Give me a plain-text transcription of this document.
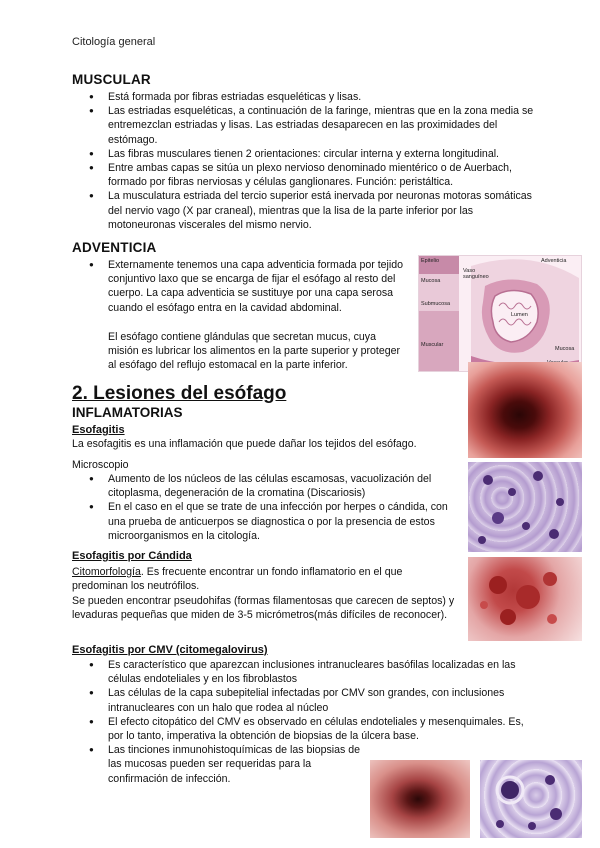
Citología general
MUSCULAR
● Está formada por fibras estriadas esqueléticas y lisas.
● Las estriadas esqueléticas, a continuación de la faringe, mientras que en la zona media se entremezclan estriadas y lisas. Las estriadas desaparecen en las proximidades del estómago.
● Las fibras musculares tienen 2 orientaciones: circular interna y externa longitudinal.
● Entre ambas capas se sitúa un plexo nervioso denominado mientérico o de Auerbach, formado por fibras nerviosas y células ganglionares. Función: peristáltica.
● La musculatura estriada del tercio superior está inervada por neuronas motoras somáticas del nervio vago (X par craneal), mientras que la lisa de la parte inferior por las motoneuronas viscerales del mismo nervio.
ADVENTICIA
● Externamente tenemos una capa adventicia formada por tejido conjuntivo laxo que se encarga de fijar el esófago al resto del cuerpo. La capa adventicia se sustituye por una capa serosa cuando el esófago entra en la cavidad abdominal.
El esófago contiene glándulas que secretan mucus, cuya misión es lubricar los alimentos en la parte superior y proteger al esófago del reflujo estomacal en la parte inferior.
Epitelio
Mucosa
Submucosa
Muscular
Vaso sanguíneo
Adventicia
Lumen
Mucosa
2. Lesiones del esófago
INFLAMATORIAS
Esofagitis
La esofagitis es una inflamación que puede dañar los tejidos del esófago.
Microscopio
● Aumento de los núcleos de las células escamosas, vacuolización del citoplasma, degeneración de la cromatina (Discariosis)
● En el caso en el que se trate de una infección por herpes o cándida, con una prueba de anticuerpos se diagnostica o por la presencia de estos microorganismos en la citología.
Esofagitis por Cándida
Citomorfología. Es frecuente encontrar un fondo inflamatorio en el que predominan los neutrófilos.
Se pueden encontrar pseudohifas (formas filamentosas que carecen de septos) y levaduras pequeñas que miden de 3-5 micrómetros(más difíciles de reconocer).
Esofagitis por CMV (citomegalovirus)
● Es característico que aparezcan inclusiones intranucleares basófilas localizadas en las células endoteliales y en los fibroblastos
● Las células de la capa subepitelial infectadas por CMV son grandes, con inclusiones intranucleares con un halo que rodea al núcleo
● El efecto citopático del CMV es observado en células endoteliales y mesenquimales. Es, por lo tanto, imperativa la obtención de biopsias de la úlcera base.
● Las tinciones inmunohistoquímicas de las biopsias de las mucosas pueden ser requeridas para la confirmación de infección.
